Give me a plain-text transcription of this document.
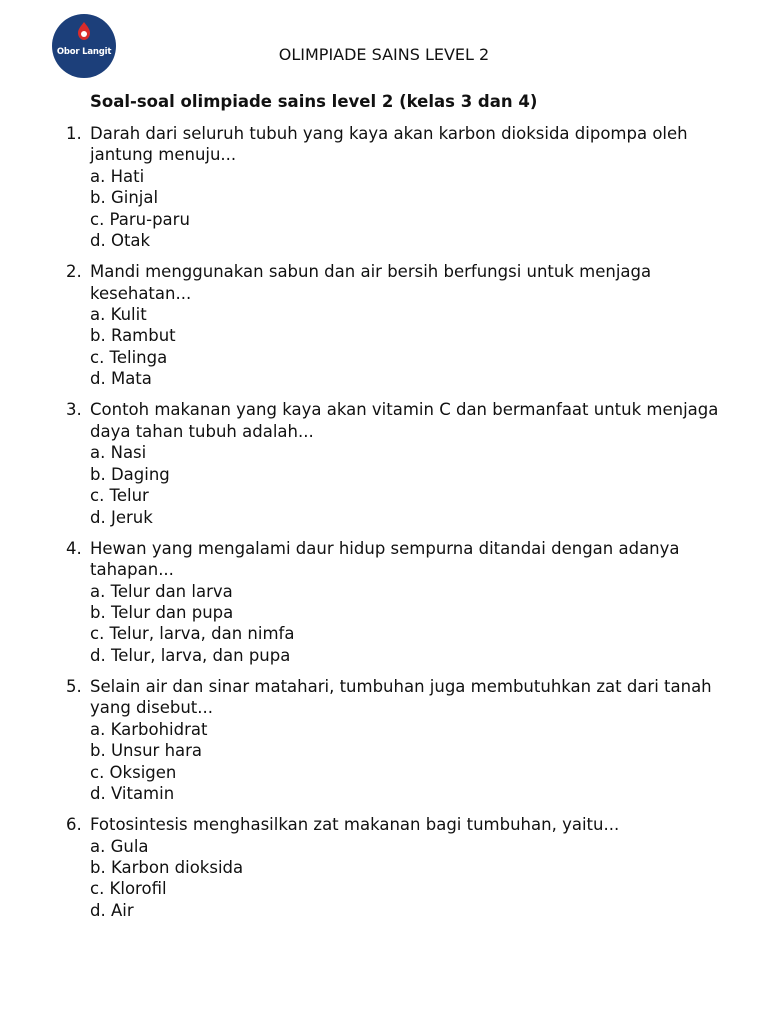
Obor Langit	OLIMPIADE SAINS LEVEL 2
Soal-soal olimpiade sains level 2 (kelas 3 dan 4)
1. Darah dari seluruh tubuh yang kaya akan karbon dioksida dipompa oleh jantung menuju...
a. Hati
b. Ginjal
c. Paru-paru
d. Otak
2. Mandi menggunakan sabun dan air bersih berfungsi untuk menjaga kesehatan...
a. Kulit
b. Rambut
c. Telinga
d. Mata
3. Contoh makanan yang kaya akan vitamin C dan bermanfaat untuk menjaga daya tahan tubuh adalah...
a. Nasi
b. Daging
c. Telur
d. Jeruk
4. Hewan yang mengalami daur hidup sempurna ditandai dengan adanya tahapan...
a. Telur dan larva
b. Telur dan pupa
c. Telur, larva, dan nimfa
d. Telur, larva, dan pupa
5. Selain air dan sinar matahari, tumbuhan juga membutuhkan zat dari tanah yang disebut...
a. Karbohidrat
b. Unsur hara
c. Oksigen
d. Vitamin
6. Fotosintesis menghasilkan zat makanan bagi tumbuhan, yaitu...
a. Gula
b. Karbon dioksida
c. Klorofil
d. Air
